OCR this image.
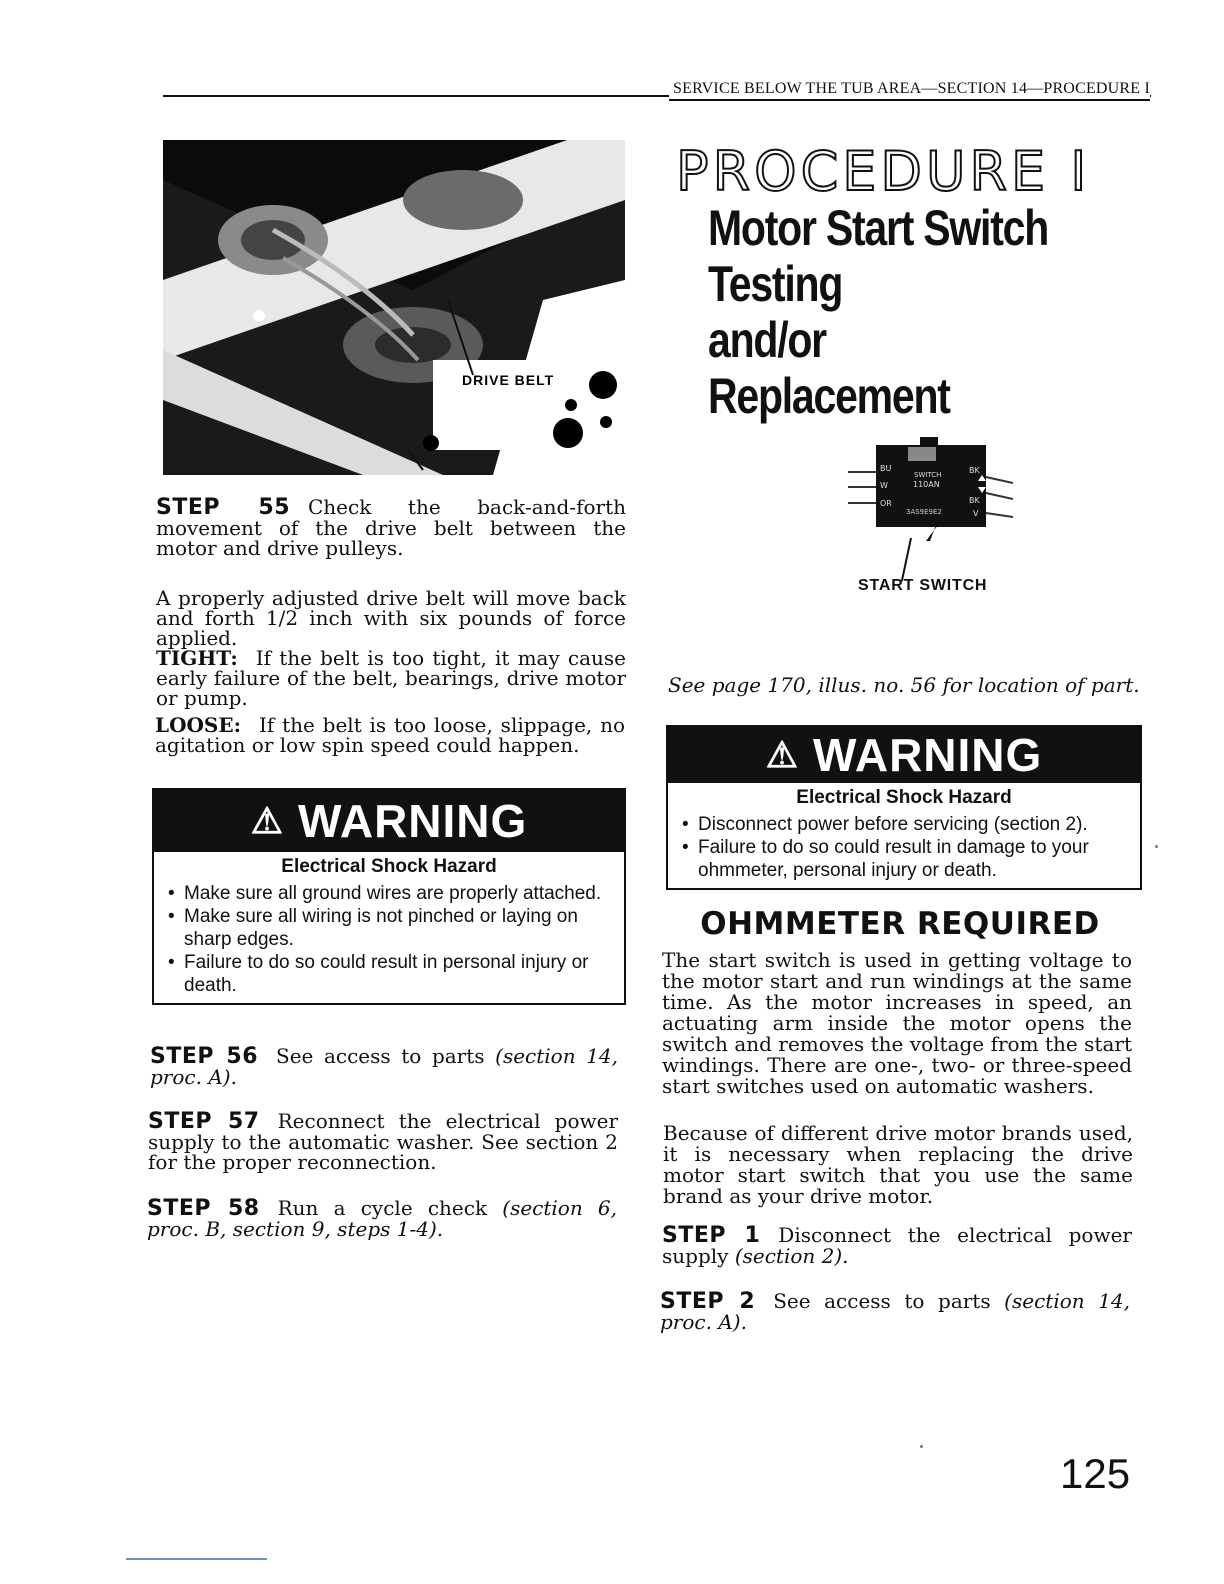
SERVICE BELOW THE TUB AREA—SECTION 14—PROCEDURE I
DRIVE BELT
STEP 55 Check the back-and-forth movement of the drive belt between the motor and drive pulleys.
A properly adjusted drive belt will move back and forth 1/2 inch with six pounds of force applied.
TIGHT: If the belt is too tight, it may cause early failure of the belt, bearings, drive motor or pump.
LOOSE: If the belt is too loose, slippage, no agitation or low spin speed could happen.
⚠ WARNING
Electrical Shock Hazard
• Make sure all ground wires are properly attached.
• Make sure all wiring is not pinched or laying on sharp edges.
• Failure to do so could result in personal injury or death.
STEP 56 See access to parts (section 14, proc. A).
STEP 57 Reconnect the electrical power supply to the automatic washer. See section 2 for the proper reconnection.
STEP 58 Run a cycle check (section 6, proc. B, section 9, steps 1-4).
PROCEDURE I
Motor Start Switch Testing
and/or Replacement
BU
W
OR
BK
BK
V
SWITCH
110AN
3AS9E9E2
START SWITCH
See page 170, illus. no. 56 for location of part.
⚠ WARNING
Electrical Shock Hazard
• Disconnect power before servicing (section 2).
• Failure to do so could result in damage to your ohmmeter, personal injury or death.
OHMMETER REQUIRED
The start switch is used in getting voltage to the motor start and run windings at the same time. As the motor increases in speed, an actuating arm inside the motor opens the switch and removes the voltage from the start windings. There are one-, two- or three-speed start switches used on automatic washers.
Because of different drive motor brands used, it is necessary when replacing the drive motor start switch that you use the same brand as your drive motor.
STEP 1 Disconnect the electrical power supply (section 2).
STEP 2 See access to parts (section 14, proc. A).
125
